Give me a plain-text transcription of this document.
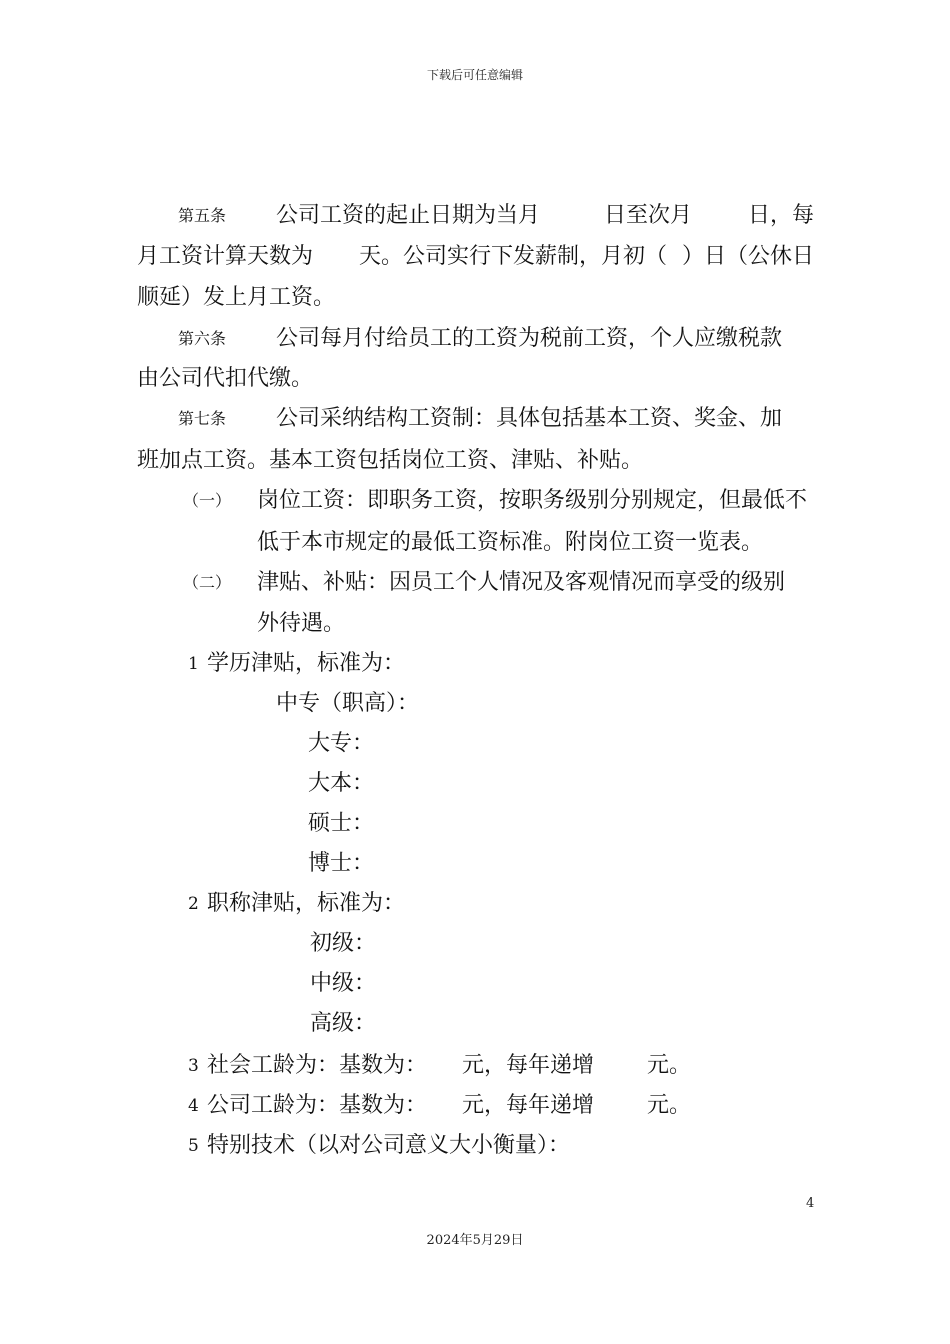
下载后可任意编辑
第五条 公司工资的起止日期为当月	日至次月	日，每
月工资计算天数为 天。公司实行下发薪制，月初（ ）日（公休日
顺延）发上月工资。
第六条 公司每月付给员工的工资为税前工资，个人应缴税款
由公司代扣代缴。
第七条 公司采纳结构工资制：具体包括基本工资、奖金、加
班加点工资。基本工资包括岗位工资、津贴、补贴。
（一） 岗位工资：即职务工资，按职务级别分别规定，但最低不
低于本市规定的最低工资标准。附岗位工资一览表。
（二） 津贴、补贴：因员工个人情况及客观情况而享受的级别
外待遇。
1 学历津贴，标准为：
中专（职高）：
大专：
大本：
硕士：
博士：
2 职称津贴，标准为：
初级：
中级：
高级：
3 社会工龄为：基数为： 元，每年递增 元。
4 公司工龄为：基数为： 元，每年递增 元。
5 特别技术（以对公司意义大小衡量）：
4
2024年5月29日
